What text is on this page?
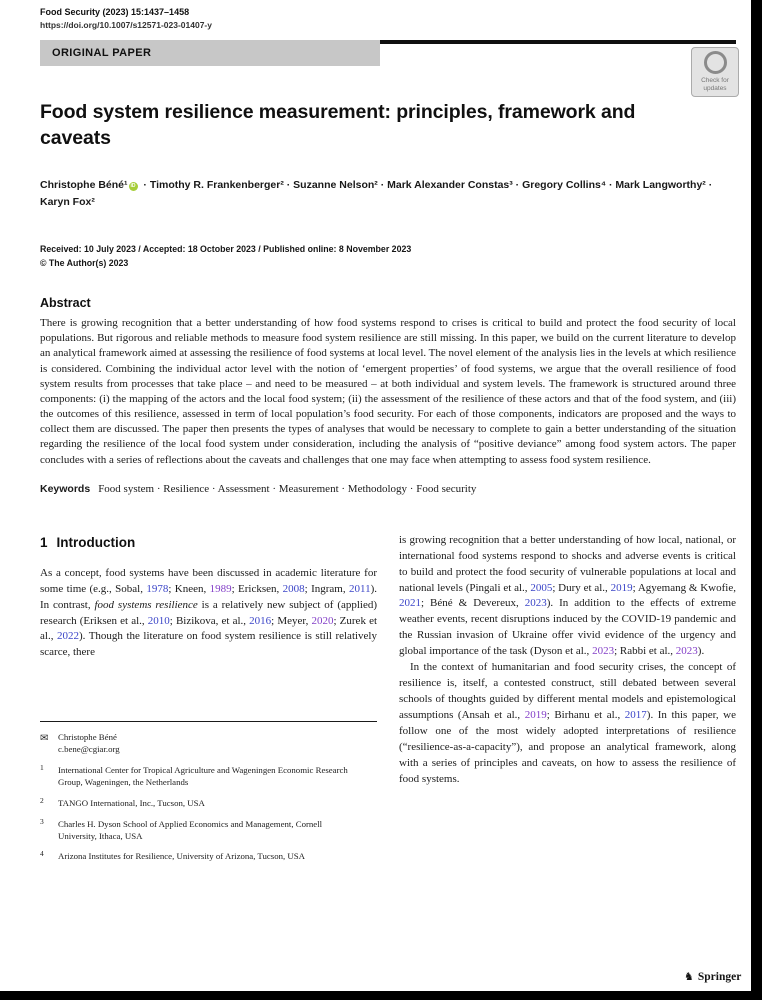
Food Security (2023) 15:1437–1458
https://doi.org/10.1007/s12571-023-01407-y
ORIGINAL PAPER
Food system resilience measurement: principles, framework and caveats
Christophe Béné¹ iD · Timothy R. Frankenberger² · Suzanne Nelson² · Mark Alexander Constas³ · Gregory Collins⁴ · Mark Langworthy² · Karyn Fox²
Received: 10 July 2023 / Accepted: 18 October 2023 / Published online: 8 November 2023
© The Author(s) 2023
Abstract
There is growing recognition that a better understanding of how food systems respond to crises is critical to build and protect the food security of local populations. But rigorous and reliable methods to measure food system resilience are still missing. In this paper, we build on the current literature to develop an analytical framework aimed at assessing the resilience of food systems at local level. The novel element of the analysis lies in the levels at which resilience is considered. Combining the individual actor level with the notion of ‘emergent properties’ of food systems, we argue that the overall resilience of food system results from processes that take place – and need to be measured – at both individual and system levels. The framework is structured around three components: (i) the mapping of the actors and the local food system; (ii) the assessment of the resilience of these actors and that of the food system, and (iii) the outcomes of this resilience, assessed in term of local population’s food security. For each of those components, indicators are proposed and the ways to collect them are discussed. The paper then presents the types of analyses that would be necessary to complete to gain a better understanding of the situation regarding the resilience of the local food system under consideration, including the analysis of “positive deviance” among food system actors. The paper concludes with a series of reflections about the caveats and challenges that one may face when attempting to assess food system resilience.
Keywords Food system · Resilience · Assessment · Measurement · Methodology · Food security
1 Introduction

As a concept, food systems have been discussed in academic literature for some time (e.g., Sobal, 1978; Kneen, 1989; Ericksen, 2008; Ingram, 2011). In contrast, food systems resilience is a relatively new subject of (applied) research (Eriksen et al., 2010; Bizikova, et al., 2016; Meyer, 2020; Zurek et al., 2022). Though the literature on food system resilience is still relatively scarce, there

✉	Christophe Béné
c.bene@cgiar.org
1	International Center for Tropical Agriculture and Wageningen Economic Research Group, Wageningen, the Netherlands
2	TANGO International, Inc., Tucson, USA
3	Charles H. Dyson School of Applied Economics and Management, Cornell University, Ithaca, USA
4	Arizona Institutes for Resilience, University of Arizona, Tucson, USA

is growing recognition that a better understanding of how local, national, or international food systems respond to shocks and adverse events is critical to build and protect the food security of vulnerable populations at local and national levels (Pingali et al., 2005; Dury et al., 2019; Agyemang & Kwofie, 2021; Béné & Devereux, 2023). In addition to the effects of extreme weather events, recent disruptions induced by the COVID-19 pandemic and the Russian invasion of Ukraine offer vivid evidence of the urgency and global importance of the task (Dyson et al., 2023; Rabbi et al., 2023).

In the context of humanitarian and food security crises, the concept of resilience is, itself, a contested construct, still debated between several schools of thoughts guided by different mental models and epistemological assumptions (Ansah et al., 2019; Birhanu et al., 2017). In this paper, we follow one of the most widely adopted interpretations of resilience (“resilience-as-a-capacity”), and propose an analytical framework, along with a series of principles and caveats, on how to assess the resilience of food systems.

Check for
updates
♞ Springer
